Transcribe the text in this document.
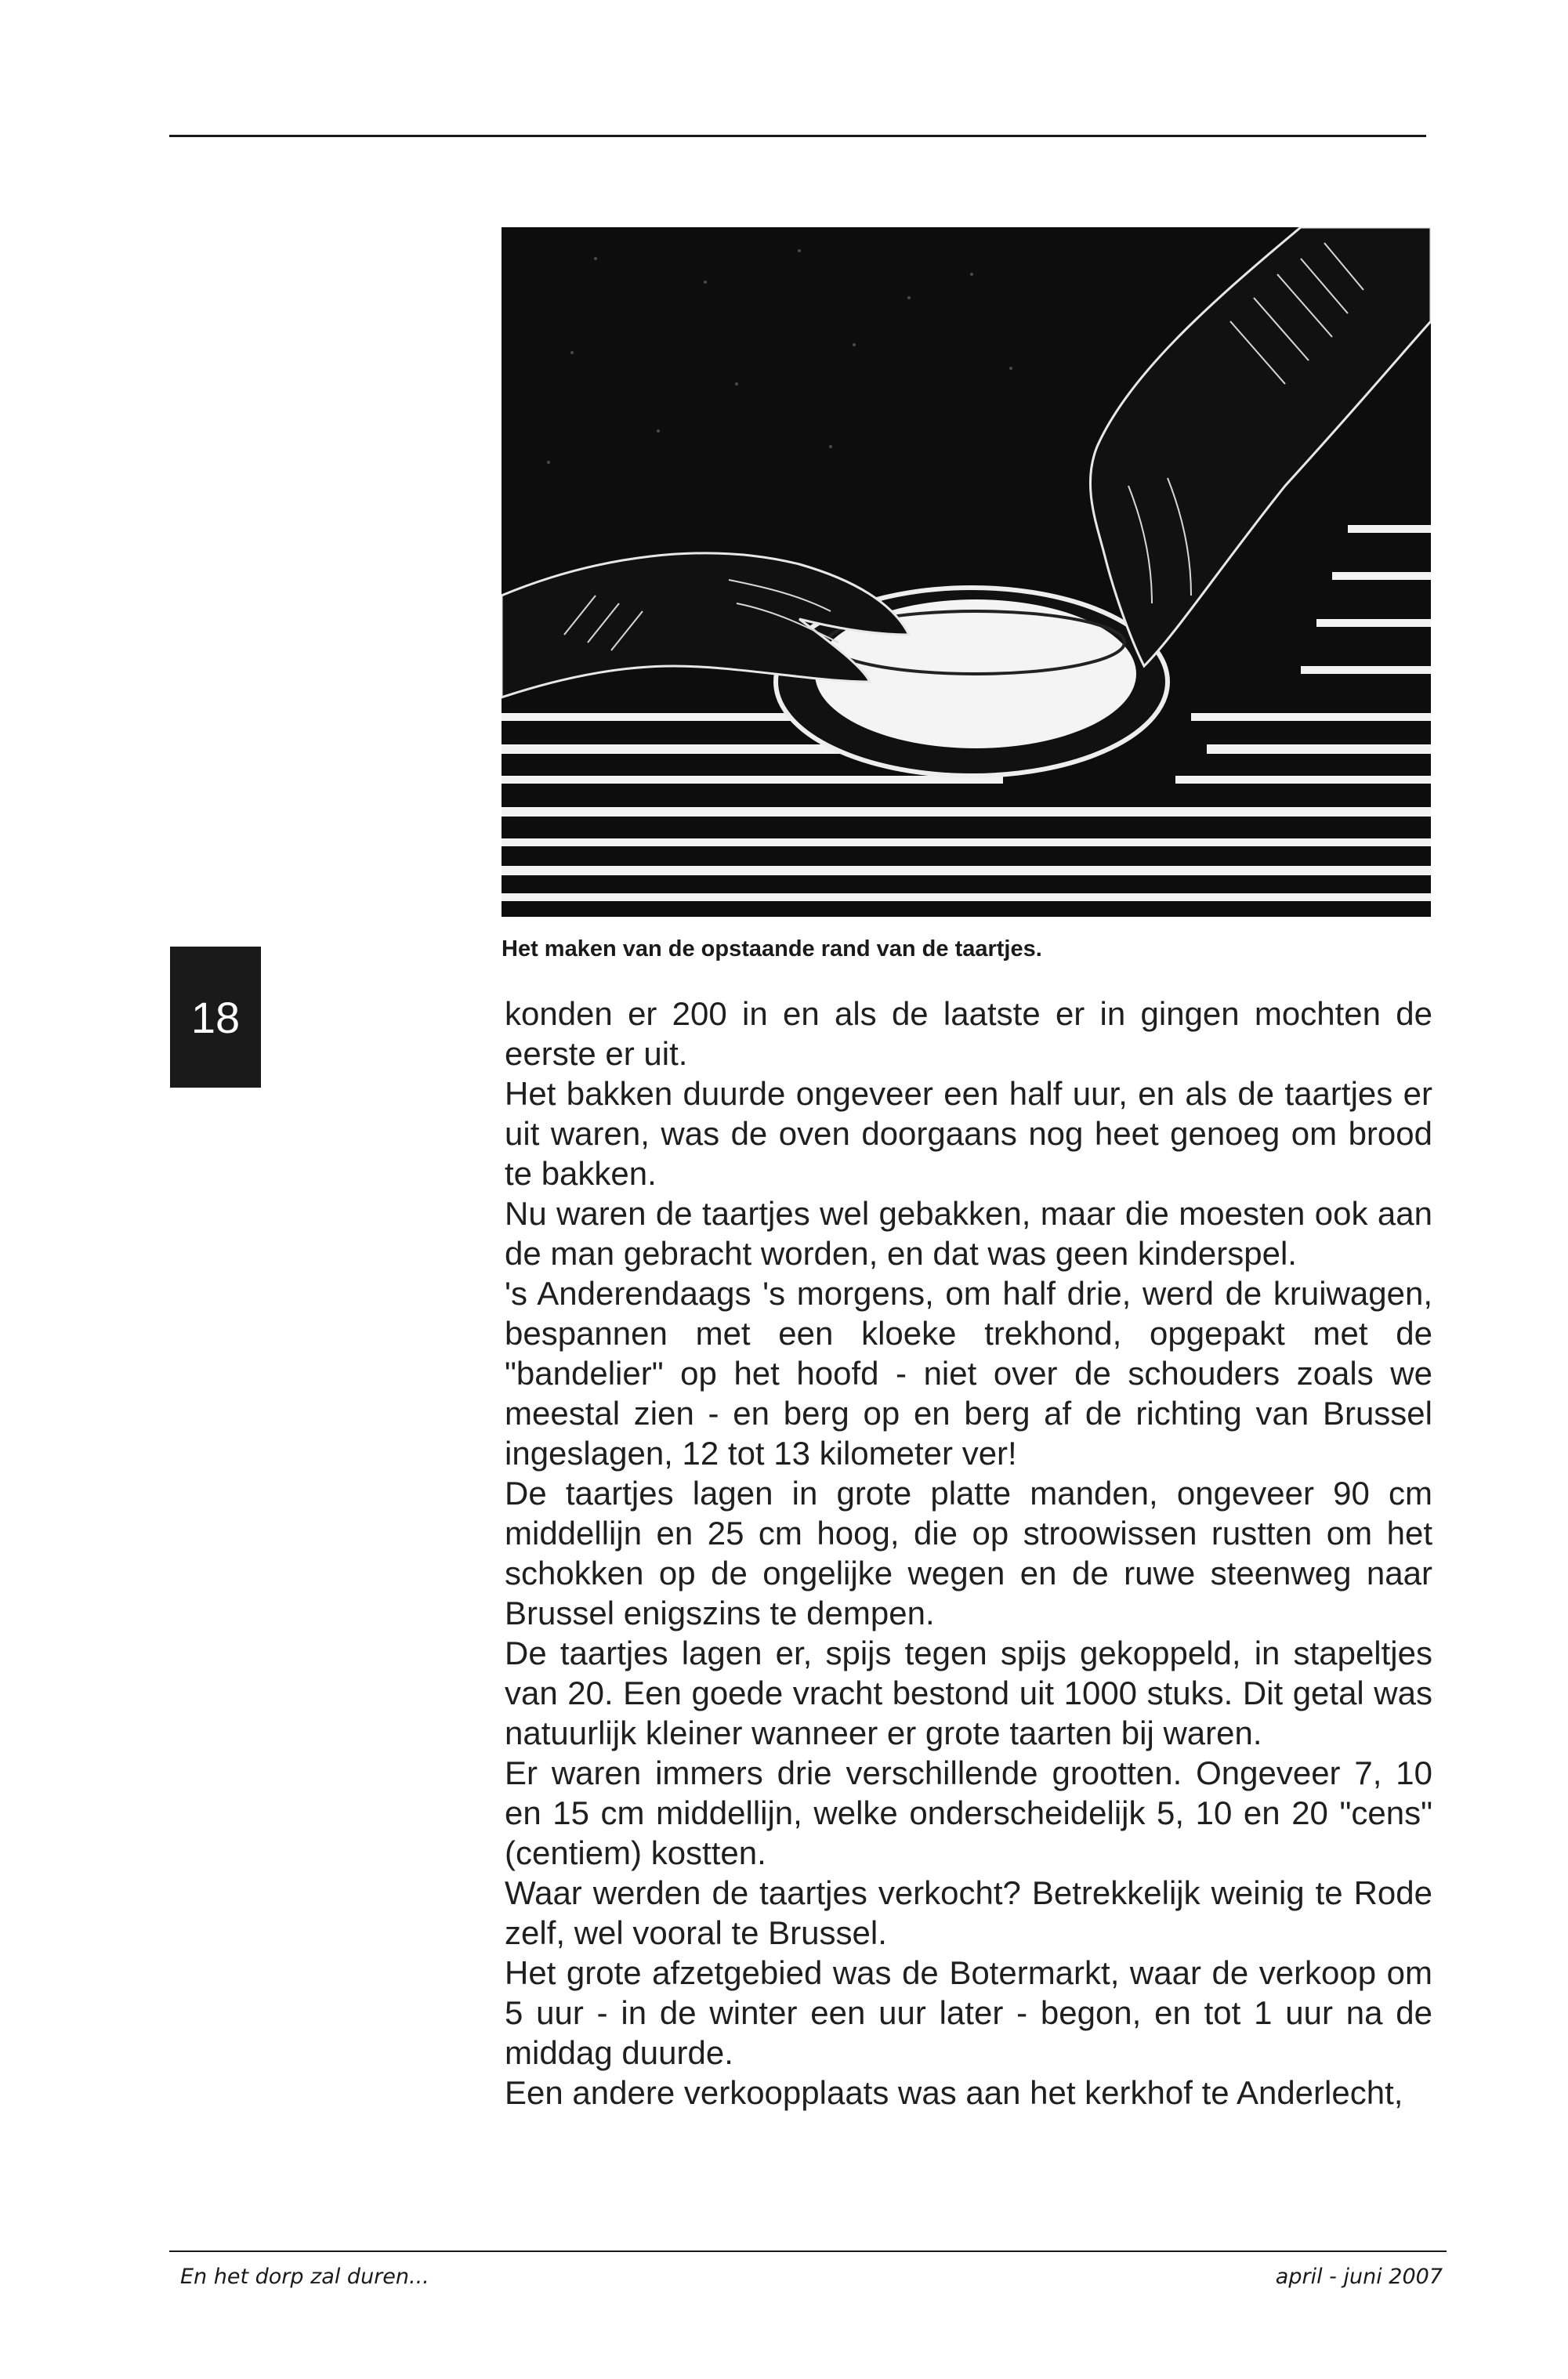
Het maken van de opstaande rand van de taartjes.
18	konden er 200 in en als de laatste er in gingen mochten de eerste er uit.

Het bakken duurde ongeveer een half uur, en als de taartjes er uit waren, was de oven doorgaans nog heet genoeg om brood te bakken.

Nu waren de taartjes wel gebakken, maar die moesten ook aan de man gebracht worden, en dat was geen kinderspel.

's Anderendaags 's morgens, om half drie, werd de kruiwagen, bespannen met een kloeke trekhond, opgepakt met de "bandelier" op het hoofd - niet over de schouders zoals we meestal zien - en berg op en berg af de richting van Brussel ingeslagen, 12 tot 13 kilometer ver!

De taartjes lagen in grote platte manden, ongeveer 90 cm middellijn en 25 cm hoog, die op stroowissen rustten om het schokken op de ongelijke wegen en de ruwe steenweg naar Brussel enigszins te dempen.

De taartjes lagen er, spijs tegen spijs gekoppeld, in stapeltjes van 20. Een goede vracht bestond uit 1000 stuks. Dit getal was natuurlijk kleiner wanneer er grote taarten bij waren.

Er waren immers drie verschillende grootten. Ongeveer 7, 10 en 15 cm middellijn, welke onderscheidelijk 5, 10 en 20 "cens" (centiem) kostten.

Waar werden de taartjes verkocht? Betrekkelijk weinig te Rode zelf, wel vooral te Brussel.

Het grote afzetgebied was de Botermarkt, waar de verkoop om 5 uur - in de winter een uur later - begon, en tot 1 uur na de middag duurde.

Een andere verkoopplaats was aan het kerkhof te Anderlecht,

En het dorp zal duren...	april - juni 2007
